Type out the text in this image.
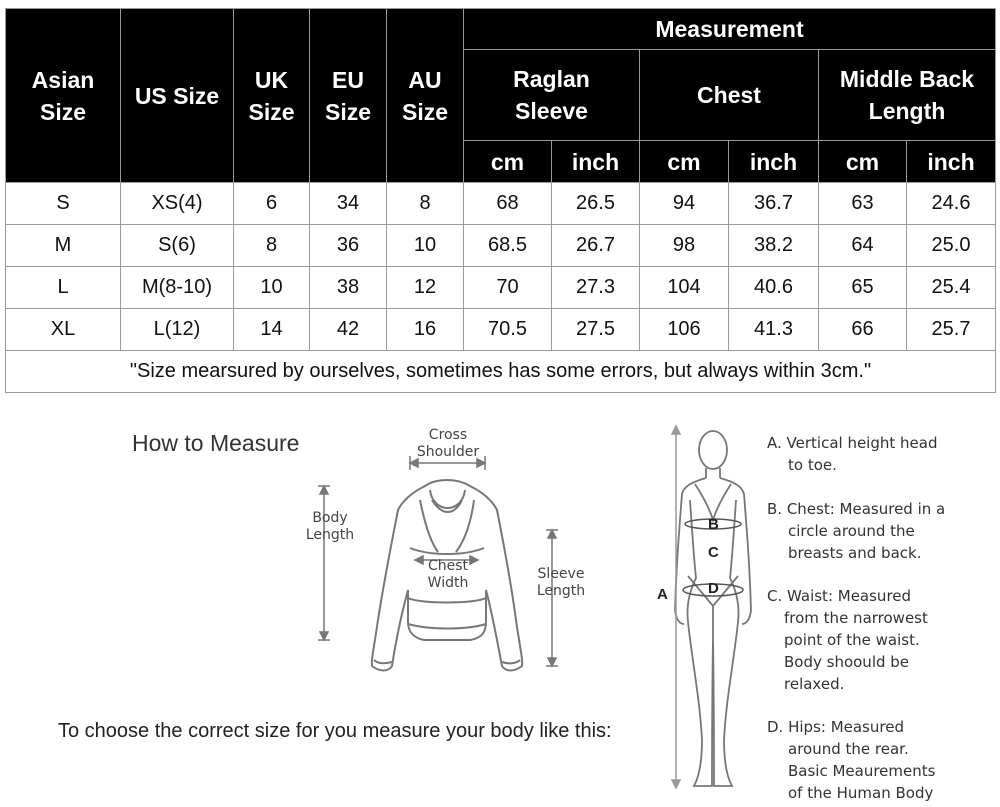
Asian Size	US Size	UK Size	EU Size	AU Size	Measurement					
					Raglan Sleeve		Chest		Middle Back Length	
					cm	inch	cm	inch	cm	inch
S	XS(4)	6	34	8	68	26.5	94	36.7	63	24.6
M	S(6)	8	36	10	68.5	26.7	98	38.2	64	25.0
L	M(8-10)	10	38	12	70	27.3	104	40.6	65	25.4
XL	L(12)	14	42	16	70.5	27.5	106	41.3	66	25.7
"Size mearsured by ourselves, sometimes has some errors, but always within 3cm."										
How to Measure
To choose the correct size for you measure your body like this:
Cross Shoulder
Body Length
Chest Width
Sleeve Length	A
B
C
D
A. Vertical height head
to toe.
B. Chest: Measured in a
circle around the
breasts and back.
C. Waist: Measured
from the narrowest
point of the waist.
Body shoould be
relaxed.
D. Hips: Measured
around the rear.
Basic Meaurements
of the Human Body
